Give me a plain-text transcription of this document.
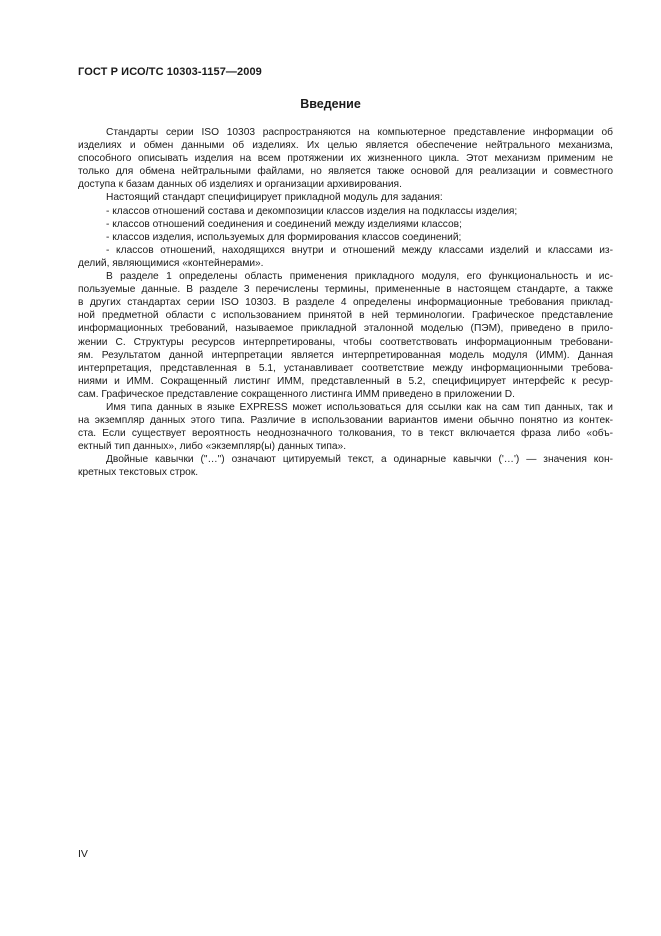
ГОСТ Р ИСО/ТС 10303-1157—2009
Введение
Стандарты серии ISO 10303 распространяются на компьютерное представление информации об
изделиях и обмен данными об изделиях. Их целью является обеспечение нейтрального механизма,
способного описывать изделия на всем протяжении их жизненного цикла. Этот механизм применим не
только для обмена нейтральными файлами, но является также основой для реализации и совместного
доступа к базам данных об изделиях и организации архивирования.
Настоящий стандарт специфицирует прикладной модуль для задания:
- классов отношений состава и декомпозиции классов изделия на подклассы изделия;
- классов отношений соединения и соединений между изделиями классов;
- классов изделия, используемых для формирования классов соединений;
- классов отношений, находящихся внутри и отношений между классами изделий и классами из-
делий, являющимися «контейнерами».
В разделе 1 определены область применения прикладного модуля, его функциональность и ис-
пользуемые данные. В разделе 3 перечислены термины, примененные в настоящем стандарте, а также
в других стандартах серии ISO 10303. В разделе 4 определены информационные требования приклад-
ной предметной области с использованием принятой в ней терминологии. Графическое представление
информационных требований, называемое прикладной эталонной моделью (ПЭМ), приведено в прило-
жении С. Структуры ресурсов интерпретированы, чтобы соответствовать информационным требовани-
ям. Результатом данной интерпретации является интерпретированная модель модуля (ИММ). Данная
интерпретация, представленная в 5.1, устанавливает соответствие между информационными требова-
ниями и ИММ. Сокращенный листинг ИММ, представленный в 5.2, специфицирует интерфейс к ресур-
сам. Графическое представление сокращенного листинга ИММ приведено в приложении D.
Имя типа данных в языке EXPRESS может использоваться для ссылки как на сам тип данных, так и
на экземпляр данных этого типа. Различие в использовании вариантов имени обычно понятно из контек-
ста. Если существует вероятность неоднозначного толкования, то в текст включается фраза либо «объ-
ектный тип данных», либо «экземпляр(ы) данных типа».
Двойные кавычки ("…") означают цитируемый текст, а одинарные кавычки ('…') — значения кон-
кретных текстовых строк.
IV
